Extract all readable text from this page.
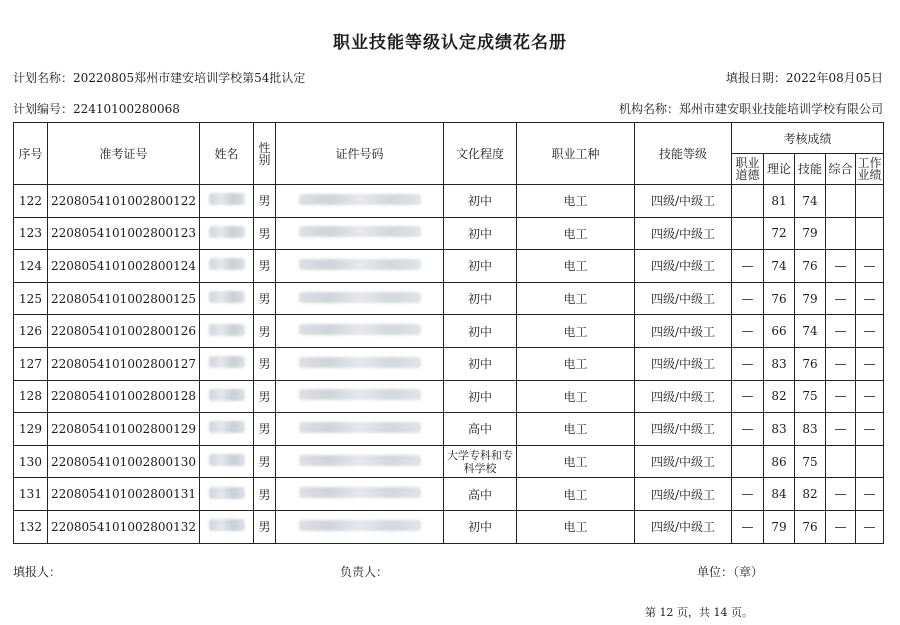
职业技能等级认定成绩花名册
计划名称：20220805郑州市建安培训学校第54批认定	填报日期：2022年08月05日
计划编号：22410100280068	机构名称：郑州市建安职业技能培训学校有限公司
序号	准考证号	姓名	性别	证件号码	文化程度	职业工种	技能等级	考核成绩				
								职业道德	理论	技能	综合	工作业绩
122	220805410100280012​2		男		初中	电工	四级/中级工		81	74		
123	220805410100280012​3		男		初中	电工	四级/中级工		72	79		
124	2208054101002800124		男		初中	电工	四级/中级工	—	74	76	—	—
125	2208054101002800125		男		初中	电工	四级/中级工	—	76	79	—	—
126	2208054101002800126		男		初中	电工	四级/中级工	—	66	74	—	—
127	2208054101002800127		男		初中	电工	四级/中级工	—	83	76	—	—
128	2208054101002800128		男		初中	电工	四级/中级工	—	82	75	—	—
129	2208054101002800129		男		高中	电工	四级/中级工	—	83	83	—	—
130	2208054101002800130		男		大学专科和专科学校	电工	四级/中级工		86	75		
131	2208054101002800131		男		高中	电工	四级/中级工	—	84	82	—	—
132	2208054101002800132		男		初中	电工	四级/中级工	—	79	76	—	—
填报人：	负责人：	单位：（章）
第 12 页，共 14 页。
